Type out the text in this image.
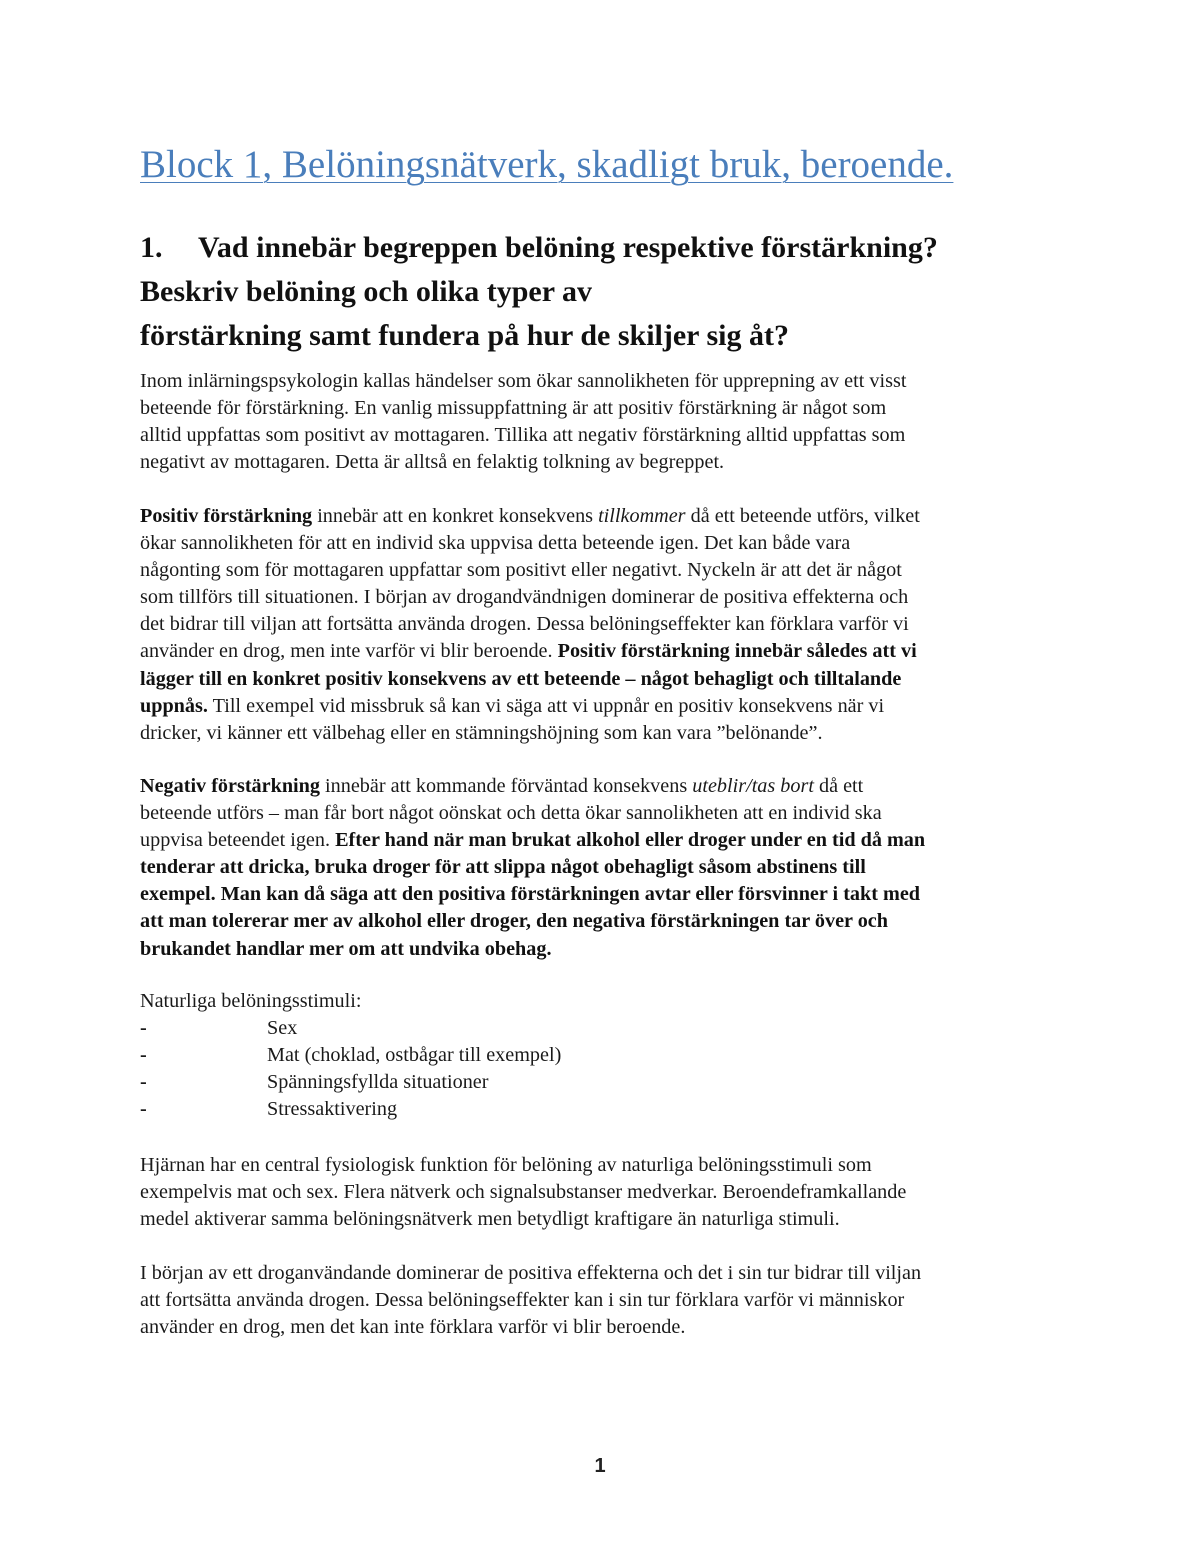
Block 1, Belöningsnätverk, skadligt bruk, beroende.
1. Vad innebär begreppen belöning respektive förstärkning?
Beskriv belöning och olika typer av
förstärkning samt fundera på hur de skiljer sig åt?

Inom inlärningspsykologin kallas händelser som ökar sannolikheten för upprepning av ett visst
beteende för förstärkning. En vanlig missuppfattning är att positiv förstärkning är något som
alltid uppfattas som positivt av mottagaren. Tillika att negativ förstärkning alltid uppfattas som
negativt av mottagaren. Detta är alltså en felaktig tolkning av begreppet.

Positiv förstärkning innebär att en konkret konsekvens tillkommer då ett beteende utförs, vilket
ökar sannolikheten för att en individ ska uppvisa detta beteende igen. Det kan både vara
någonting som för mottagaren uppfattar som positivt eller negativt. Nyckeln är att det är något
som tillförs till situationen. I början av drogandvändnigen dominerar de positiva effekterna och
det bidrar till viljan att fortsätta använda drogen. Dessa belöningseffekter kan förklara varför vi
använder en drog, men inte varför vi blir beroende. Positiv förstärkning innebär således att vi
lägger till en konkret positiv konsekvens av ett beteende – något behagligt och tilltalande
uppnås. Till exempel vid missbruk så kan vi säga att vi uppnår en positiv konsekvens när vi
dricker, vi känner ett välbehag eller en stämningshöjning som kan vara ”belönande”.

Negativ förstärkning innebär att kommande förväntad konsekvens uteblir/tas bort då ett
beteende utförs – man får bort något oönskat och detta ökar sannolikheten att en individ ska
uppvisa beteendet igen. Efter hand när man brukat alkohol eller droger under en tid då man
tenderar att dricka, bruka droger för att slippa något obehagligt såsom abstinens till
exempel. Man kan då säga att den positiva förstärkningen avtar eller försvinner i takt med
att man tolererar mer av alkohol eller droger, den negativa förstärkningen tar över och
brukandet handlar mer om att undvika obehag.

Naturliga belöningsstimuli:

-	Sex
-	Mat (choklad, ostbågar till exempel)
-	Spänningsfyllda situationer
-	Stressaktivering

Hjärnan har en central fysiologisk funktion för belöning av naturliga belöningsstimuli som
exempelvis mat och sex. Flera nätverk och signalsubstanser medverkar. Beroendeframkallande
medel aktiverar samma belöningsnätverk men betydligt kraftigare än naturliga stimuli.

I början av ett droganvändande dominerar de positiva effekterna och det i sin tur bidrar till viljan
att fortsätta använda drogen. Dessa belöningseffekter kan i sin tur förklara varför vi människor
använder en drog, men det kan inte förklara varför vi blir beroende.

1
